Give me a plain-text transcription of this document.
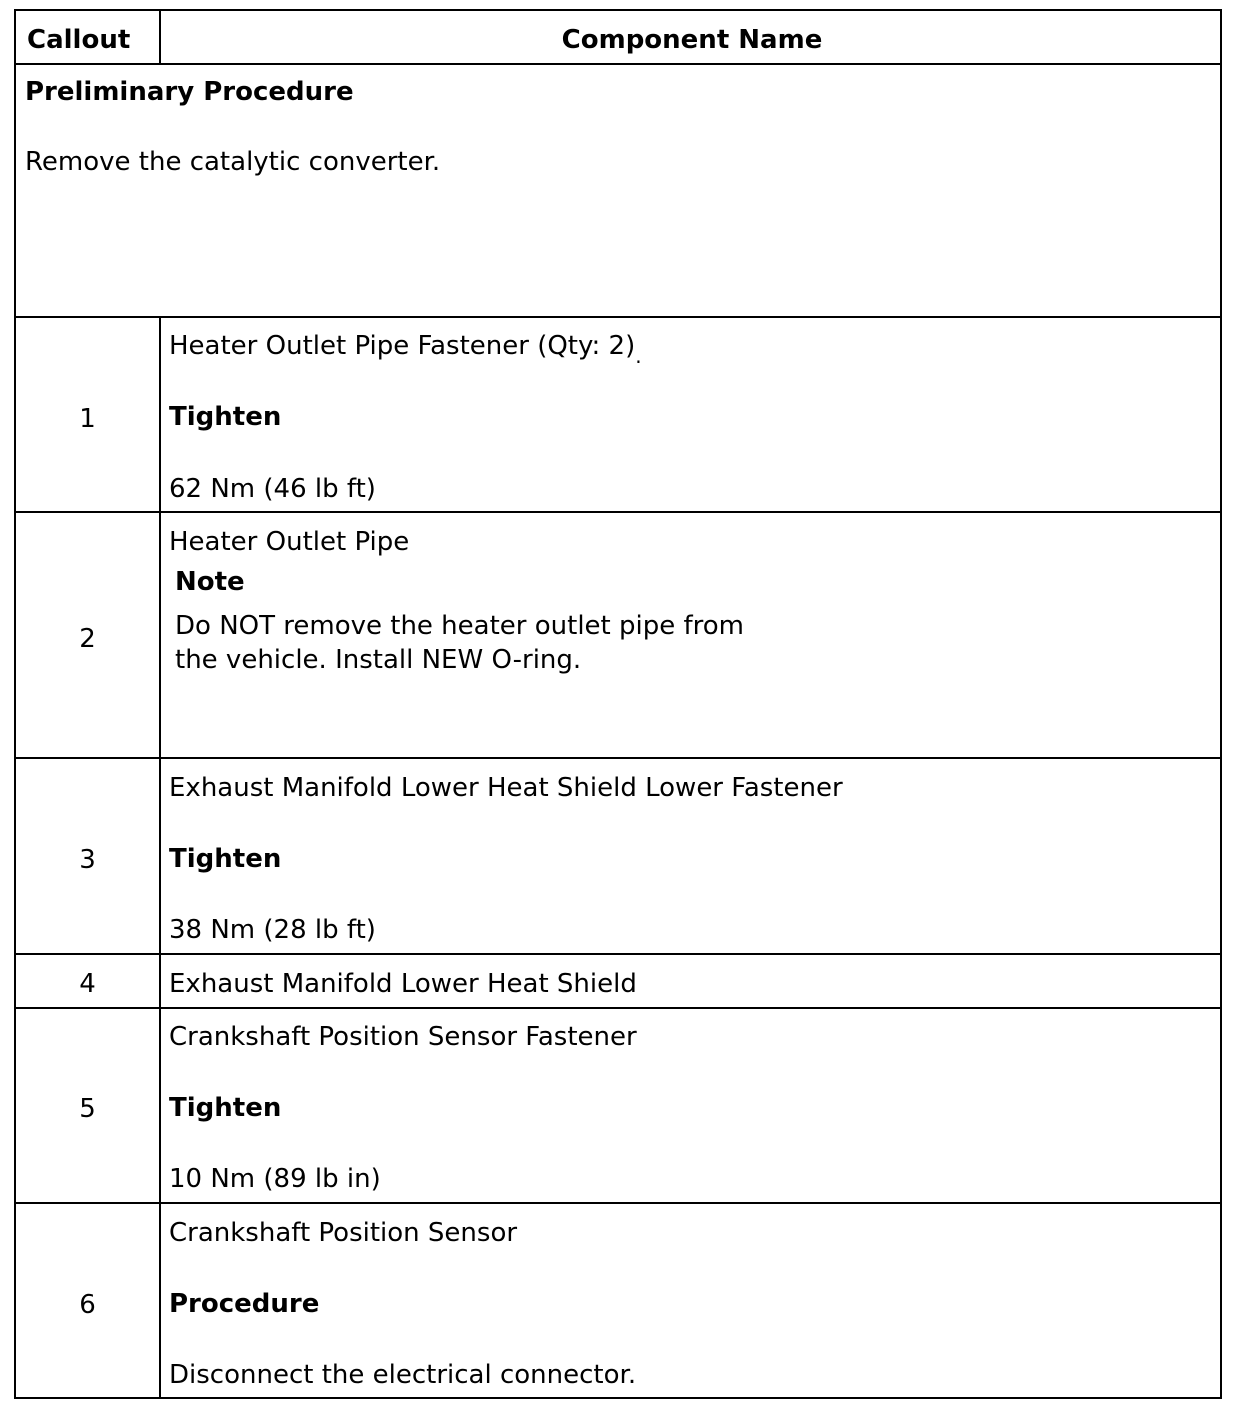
Callout	Component Name
Preliminary Procedure
Remove the catalytic converter.
1
Heater Outlet Pipe Fastener (Qty: $2)_.$
Tighten
62 Nm (46 lb ft)
2
Heater Outlet Pipe
Note
Do NOT remove the heater outlet pipe from
the vehicle. Install NEW O-ring.
3
Exhaust Manifold Lower Heat Shield Lower Fastener
Tighten
38 Nm (28 lb ft)
4	Exhaust Manifold Lower Heat Shield
5
Crankshaft Position Sensor Fastener
Tighten
10 Nm (89 lb in)
6
Crankshaft Position Sensor
Procedure
Disconnect the electrical connector.
